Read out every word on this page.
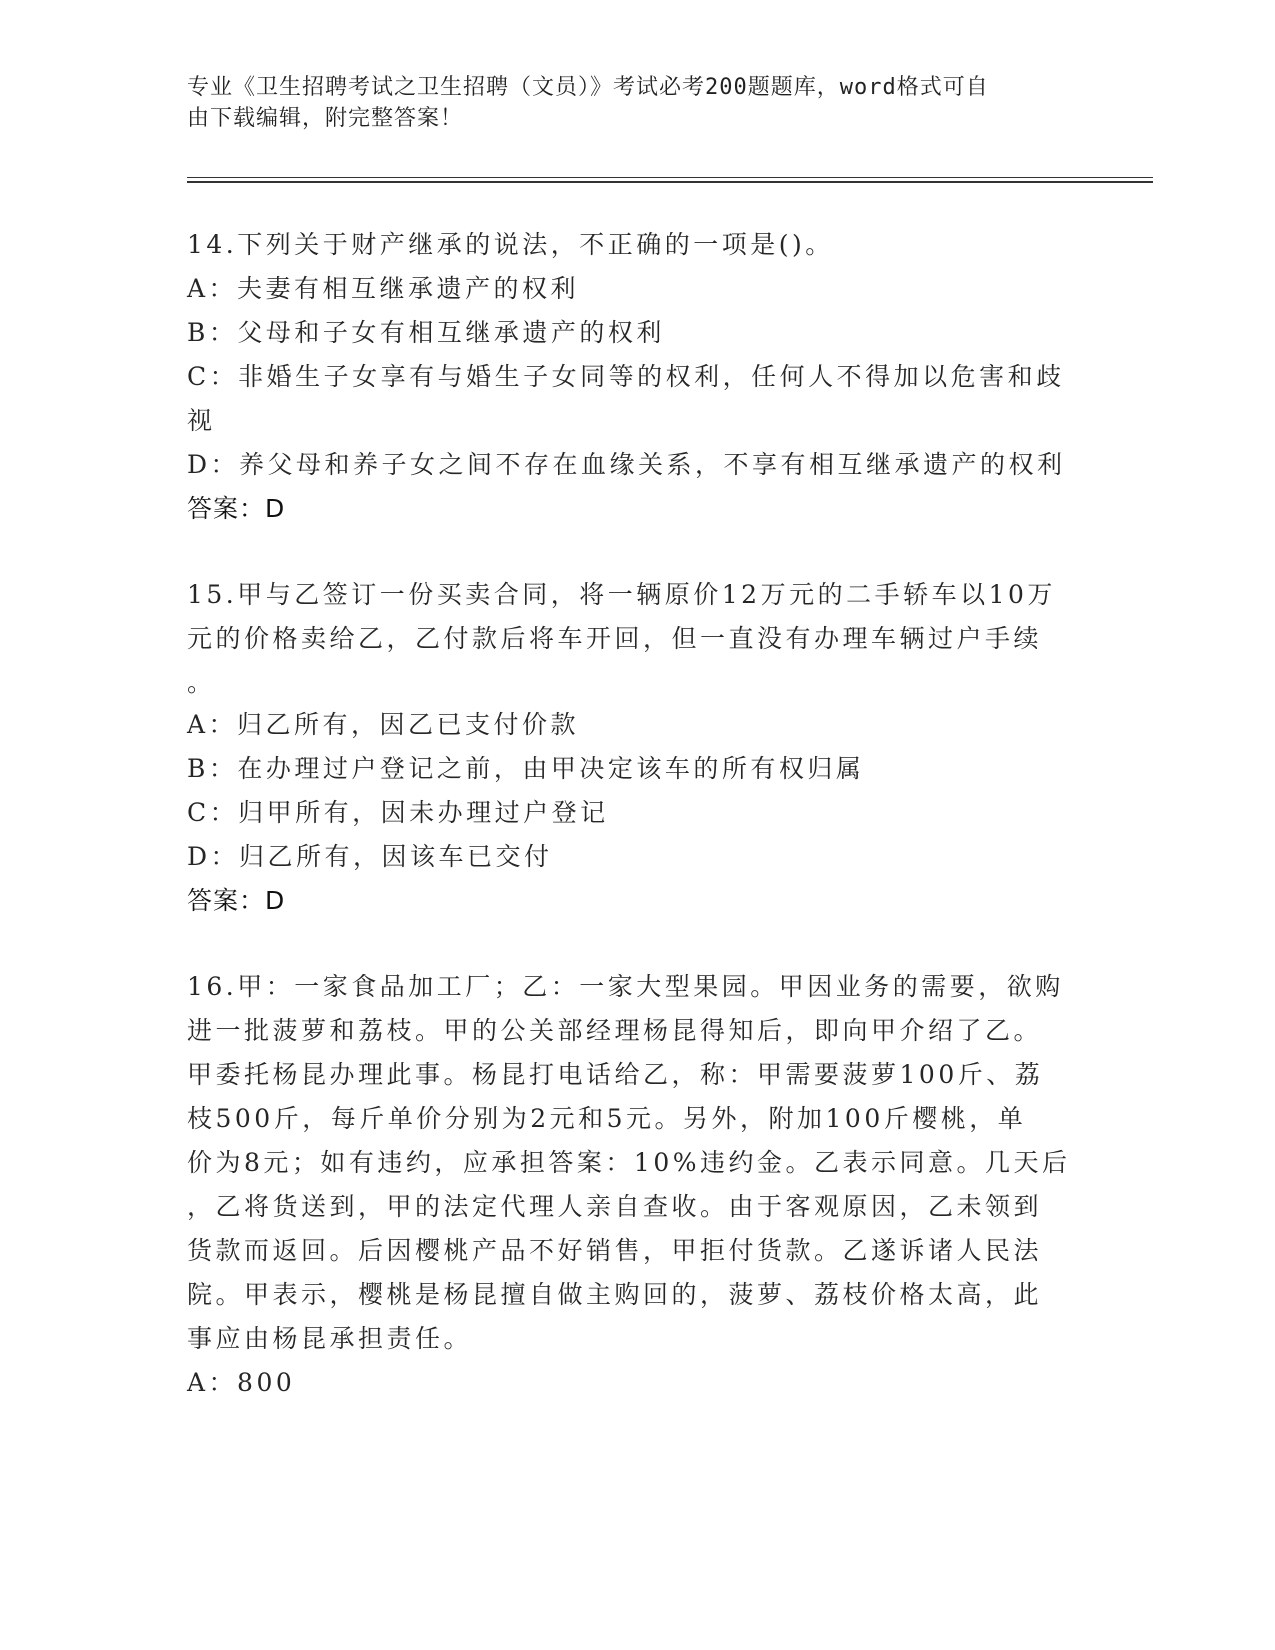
专业《卫生招聘考试之卫生招聘（文员）》考试必考200题题库，word格式可自
由下载编辑，附完整答案！
14.下列关于财产继承的说法，不正确的一项是()。
A：夫妻有相互继承遗产的权利
B：父母和子女有相互继承遗产的权利
C：非婚生子女享有与婚生子女同等的权利，任何人不得加以危害和歧
视
D：养父母和养子女之间不存在血缘关系，不享有相互继承遗产的权利
答案：D
15.甲与乙签订一份买卖合同，将一辆原价12万元的二手轿车以10万
元的价格卖给乙，乙付款后将车开回，但一直没有办理车辆过户手续
。
A：归乙所有，因乙已支付价款
B：在办理过户登记之前，由甲决定该车的所有权归属
C：归甲所有，因未办理过户登记
D：归乙所有，因该车已交付
答案：D
16.甲：一家食品加工厂；乙：一家大型果园。甲因业务的需要，欲购
进一批菠萝和荔枝。甲的公关部经理杨昆得知后，即向甲介绍了乙。
甲委托杨昆办理此事。杨昆打电话给乙，称：甲需要菠萝100斤、荔
枝500斤，每斤单价分别为2元和5元。另外，附加100斤樱桃，单
价为8元；如有违约，应承担答案：10%违约金。乙表示同意。几天后
，乙将货送到，甲的法定代理人亲自查收。由于客观原因，乙未领到
货款而返回。后因樱桃产品不好销售，甲拒付货款。乙遂诉诸人民法
院。甲表示，樱桃是杨昆擅自做主购回的，菠萝、荔枝价格太高，此
事应由杨昆承担责任。
A：800
